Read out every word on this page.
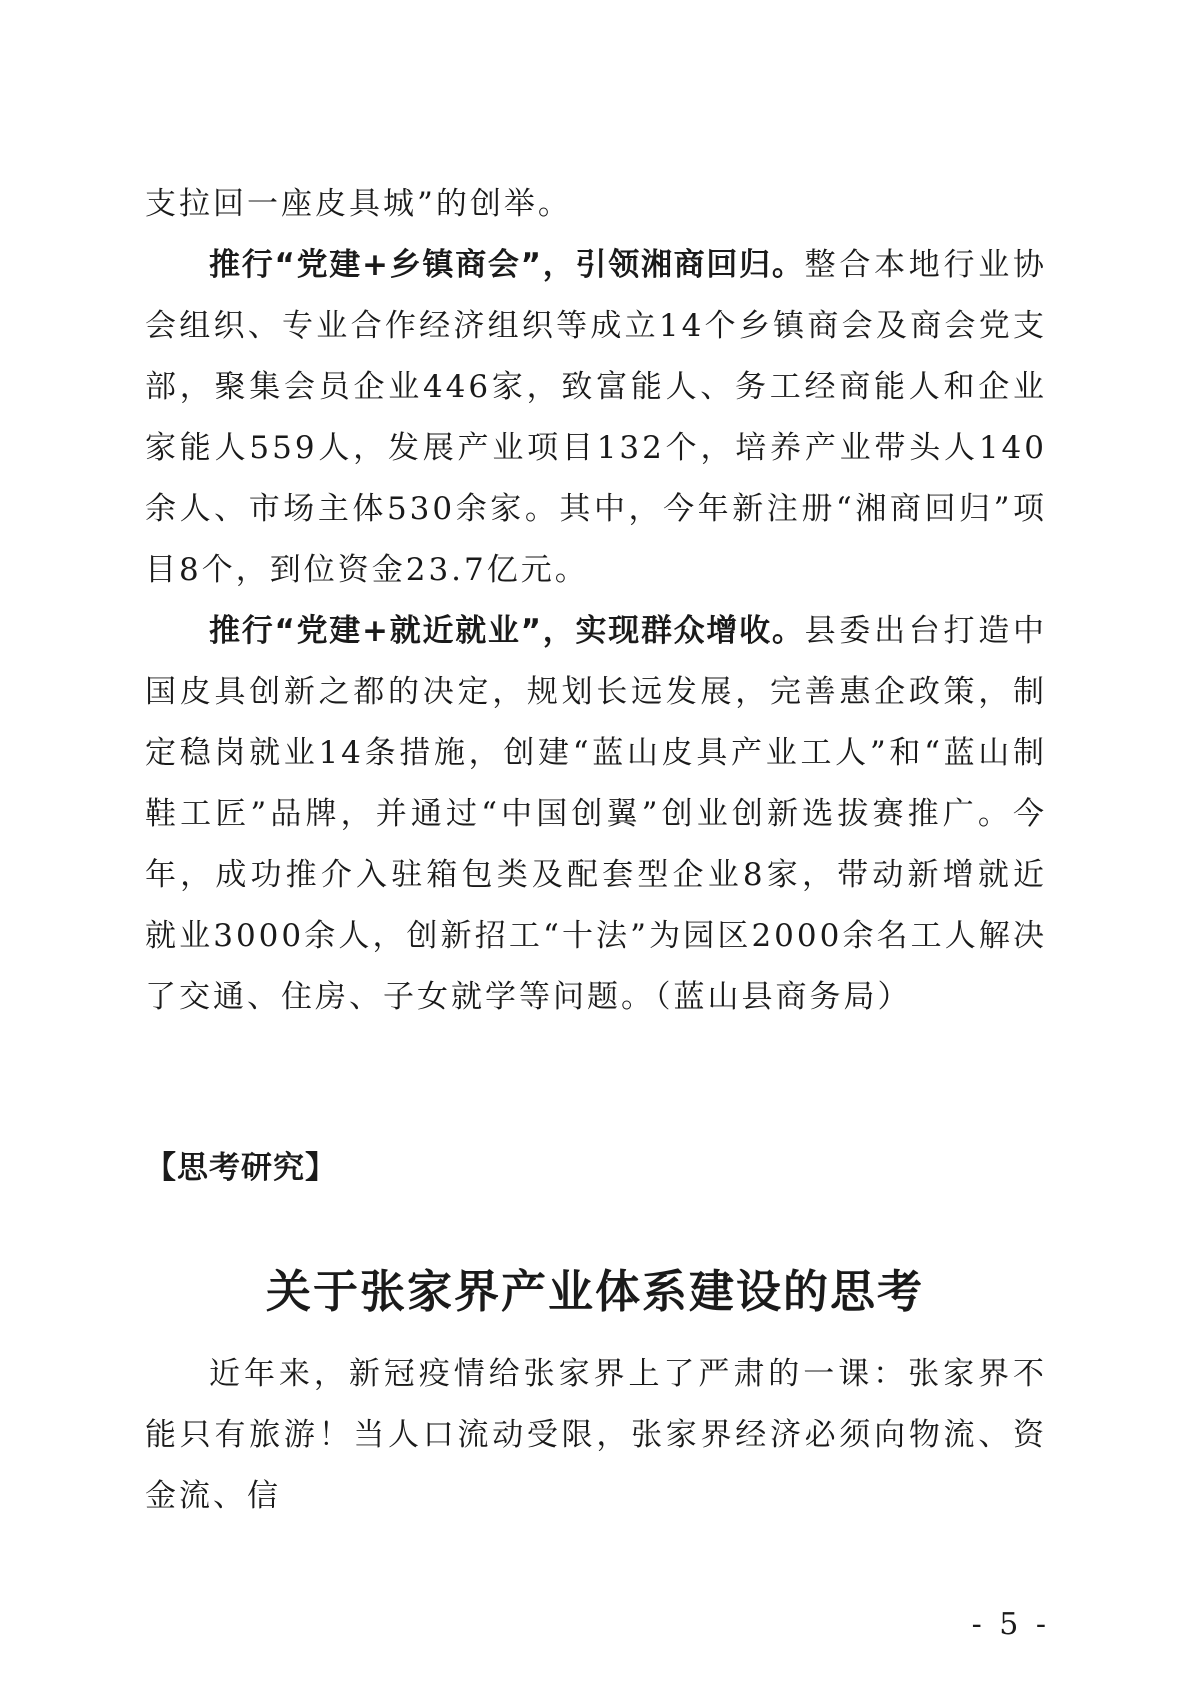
支拉回一座皮具城”的创举。

推行“党建+乡镇商会”，引领湘商回归。整合本地行业协会组织、专业合作经济组织等成立14个乡镇商会及商会党支部，聚集会员企业446家，致富能人、务工经商能人和企业家能人559人，发展产业项目132个，培养产业带头人140余人、市场主体530余家。其中，今年新注册“湘商回归”项目8个，到位资金23.7亿元。

推行“党建+就近就业”，实现群众增收。县委出台打造中国皮具创新之都的决定，规划长远发展，完善惠企政策，制定稳岗就业14条措施，创建“蓝山皮具产业工人”和“蓝山制鞋工匠”品牌，并通过“中国创翼”创业创新选拔赛推广。今年，成功推介入驻箱包类及配套型企业8家，带动新增就近就业3000余人，创新招工“十法”为园区2000余名工人解决了交通、住房、子女就学等问题。（蓝山县商务局）

【思考研究】
关于张家界产业体系建设的思考

近年来，新冠疫情给张家界上了严肃的一课：张家界不能只有旅游！当人口流动受限，张家界经济必须向物流、资金流、信

- 5 -
